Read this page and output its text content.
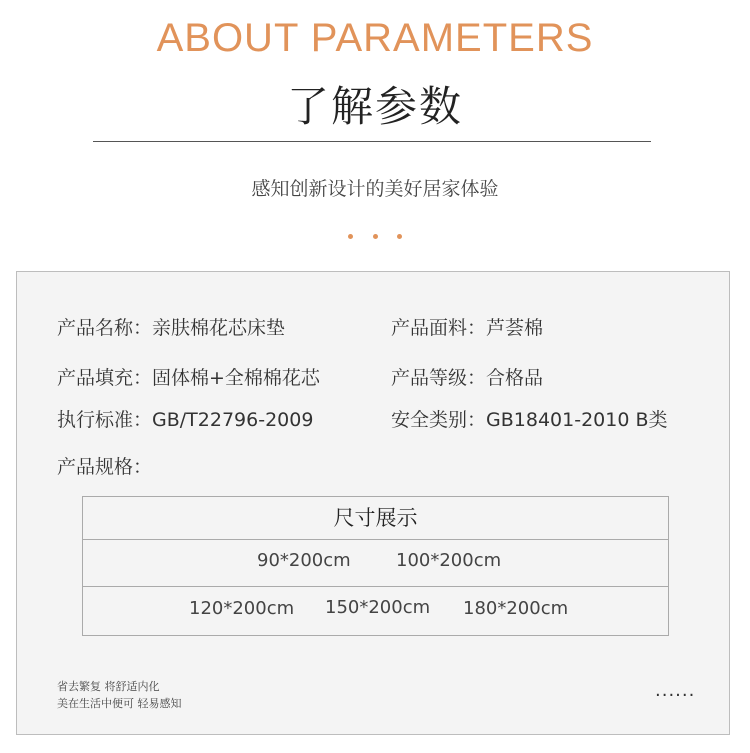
ABOUT PARAMETERS
了解参数
感知创新设计的美好居家体验
产品名称：亲肤棉花芯床垫	产品面料：芦荟棉
产品填充：固体棉+全棉棉花芯	产品等级：合格品
执行标准：GB/T22796-2009	安全类别：GB18401-2010 B类
产品规格：
尺寸展示
90*200cm	100*200cm
120*200cm 150*200cm 180*200cm
省去繁复 将舒适内化
美在生活中便可 轻易感知
......
